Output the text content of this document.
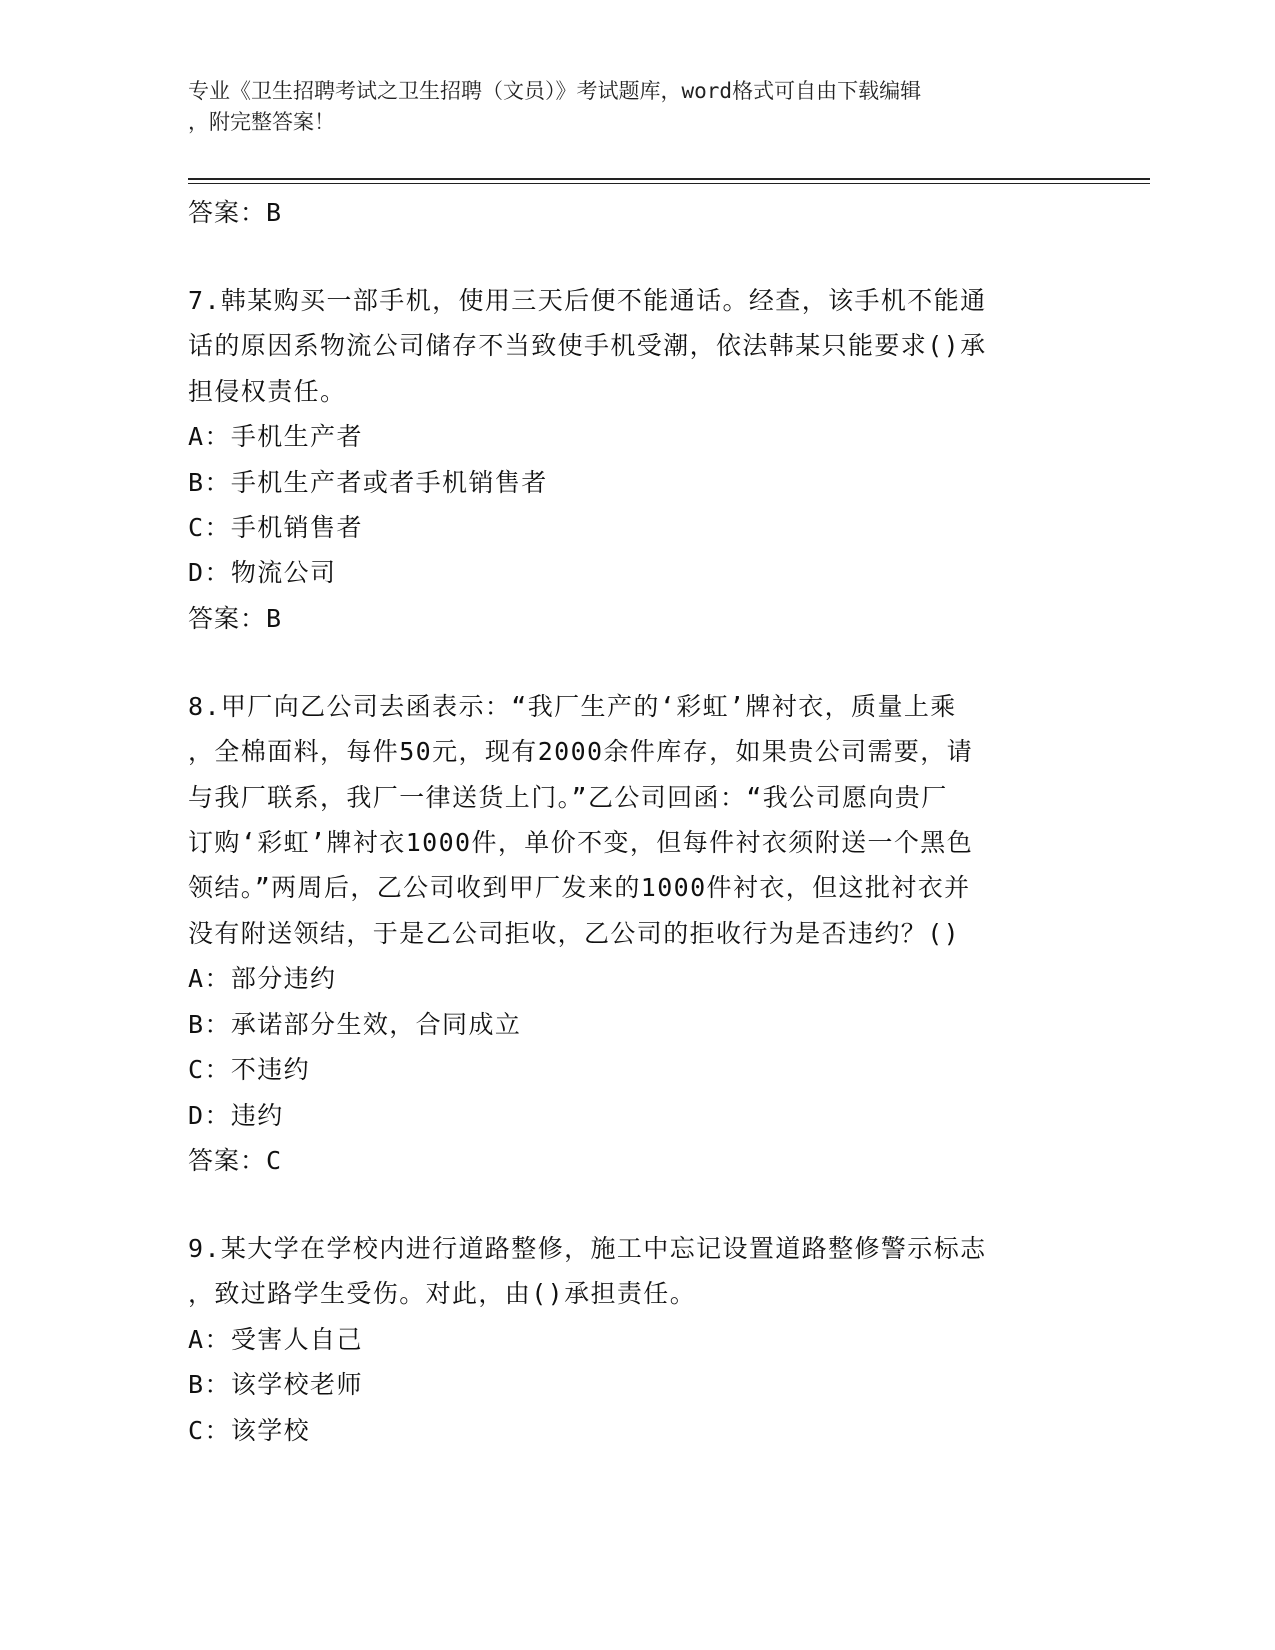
专业《卫生招聘考试之卫生招聘（文员）》考试题库，word格式可自由下载编辑
，附完整答案！
答案：B
7.韩某购买一部手机，使用三天后便不能通话。经查，该手机不能通
话的原因系物流公司储存不当致使手机受潮，依法韩某只能要求()承
担侵权责任。
A：手机生产者
B：手机生产者或者手机销售者
C：手机销售者
D：物流公司
答案：B
8.甲厂向乙公司去函表示：“我厂生产的‘彩虹’牌衬衣，质量上乘
，全棉面料，每件50元，现有2000余件库存，如果贵公司需要，请
与我厂联系，我厂一律送货上门。”乙公司回函：“我公司愿向贵厂
订购‘彩虹’牌衬衣1000件，单价不变，但每件衬衣须附送一个黑色
领结。”两周后，乙公司收到甲厂发来的1000件衬衣，但这批衬衣并
没有附送领结，于是乙公司拒收，乙公司的拒收行为是否违约？()
A：部分违约
B：承诺部分生效，合同成立
C：不违约
D：违约
答案：C
9.某大学在学校内进行道路整修，施工中忘记设置道路整修警示标志
，致过路学生受伤。对此，由()承担责任。
A：受害人自己
B：该学校老师
C：该学校
